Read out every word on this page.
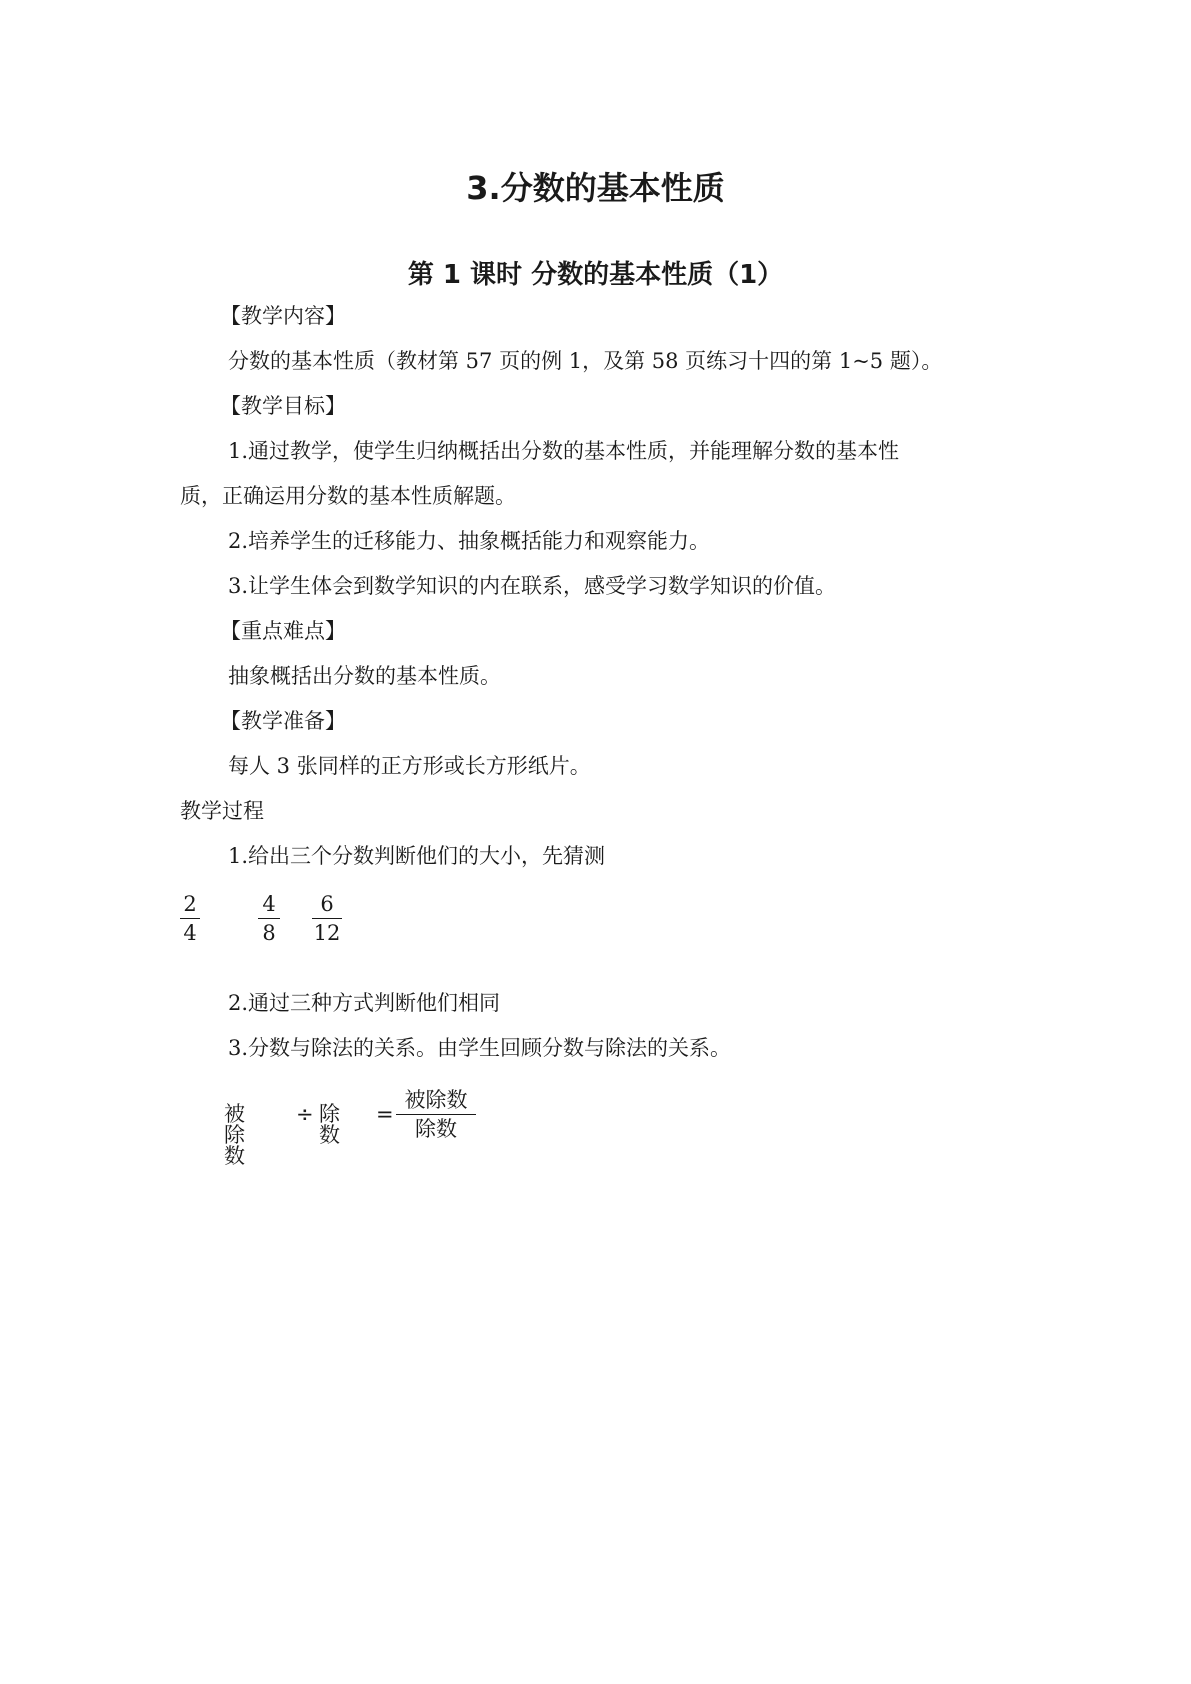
3.分数的基本性质
第 1 课时 分数的基本性质（1）
【教学内容】
分数的基本性质（教材第 57 页的例 1，及第 58 页练习十四的第 1~5 题）。
【教学目标】
1.通过教学，使学生归纳概括出分数的基本性质，并能理解分数的基本性
质，正确运用分数的基本性质解题。
2.培养学生的迁移能力、抽象概括能力和观察能力。
3.让学生体会到数学知识的内在联系，感受学习数学知识的价值。
【重点难点】
抽象概括出分数的基本性质。
【教学准备】
每人 3 张同样的正方形或长方形纸片。
教学过程
1.给出三个分数判断他们的大小，先猜测
2
4
4
8
6
12
2.通过三种方式判断他们相同
3.分数与除法的关系。由学生回顾分数与除法的关系。
被除数
÷ 除数
=
被除数
除数
